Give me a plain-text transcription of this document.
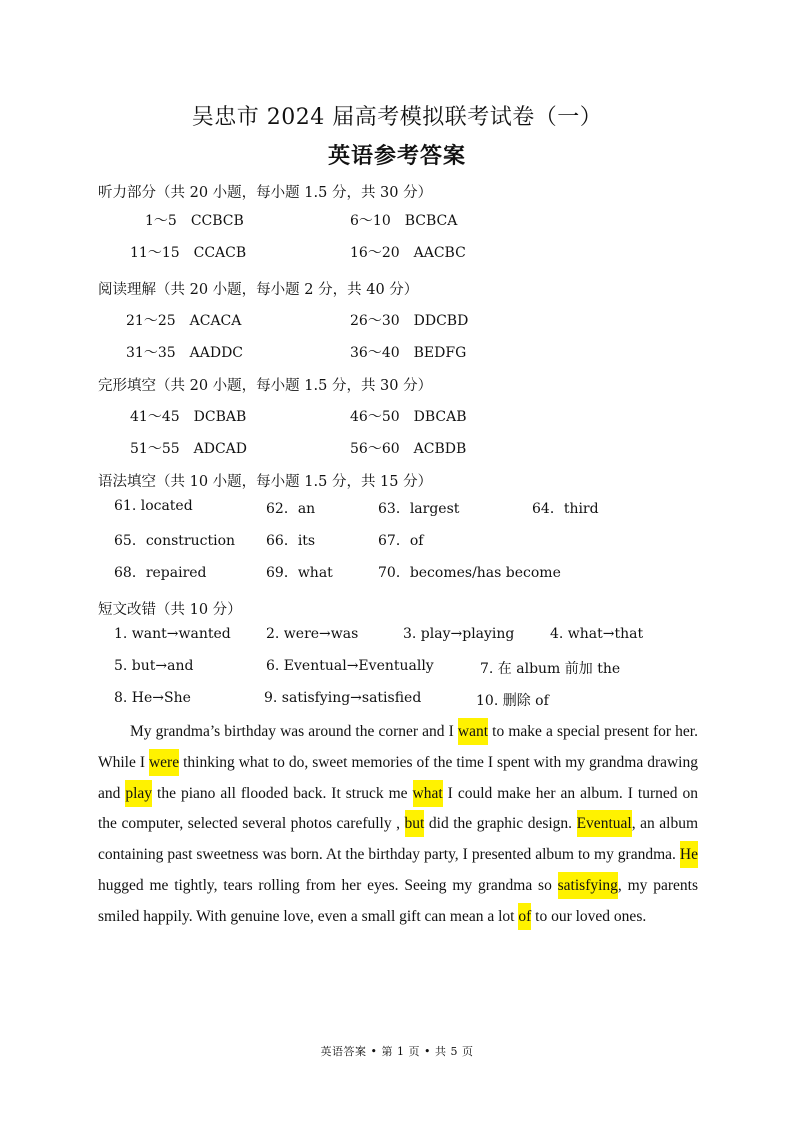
吴忠市 2024 届高考模拟联考试卷（一）
英语参考答案
听力部分（共 20 小题，每小题 1.5 分，共 30 分）
1～5　CCBCB	6～10　BCBCA
11～15　CCACB	16～20　AACBC
阅读理解（共 20 小题，每小题 2 分，共 40 分）
21～25　ACACA	26～30　DDCBD
31～35　AADDC	36～40　BEDFG
完形填空（共 20 小题，每小题 1.5 分，共 30 分）
41～45　DCBAB	46～50　DBCAB
51～55　ADCAD	56～60　ACBDB
语法填空（共 10 小题，每小题 1.5 分，共 15 分）
61. located	62．an	63．largest	64．third
65．construction 66．its	67．of
68．repaired	69．what	70．becomes/has become
短文改错（共 10 分）
1. want→wanted	2. were→was	3. play→playing	4. what→that
5. but→and	6. Eventual→Eventually	7. 在 album 前加 the
8. He→She	9. satisfying→satisfied	10. 删除 of

My grandma’s birthday was around the corner and I want to make a special present for her. While I were thinking what to do, sweet memories of the time I spent with my grandma drawing and play the piano all flooded back. It struck me what I could make her an album. I turned on the computer, selected several photos carefully , but did the graphic design. Eventual, an album containing past sweetness was born. At the birthday party, I presented album to my grandma. He hugged me tightly, tears rolling from her eyes. Seeing my grandma so satisfying, my parents smiled happily. With genuine love, even a small gift can mean a lot of to our loved ones.

英语答案 • 第 1 页 • 共 5 页
